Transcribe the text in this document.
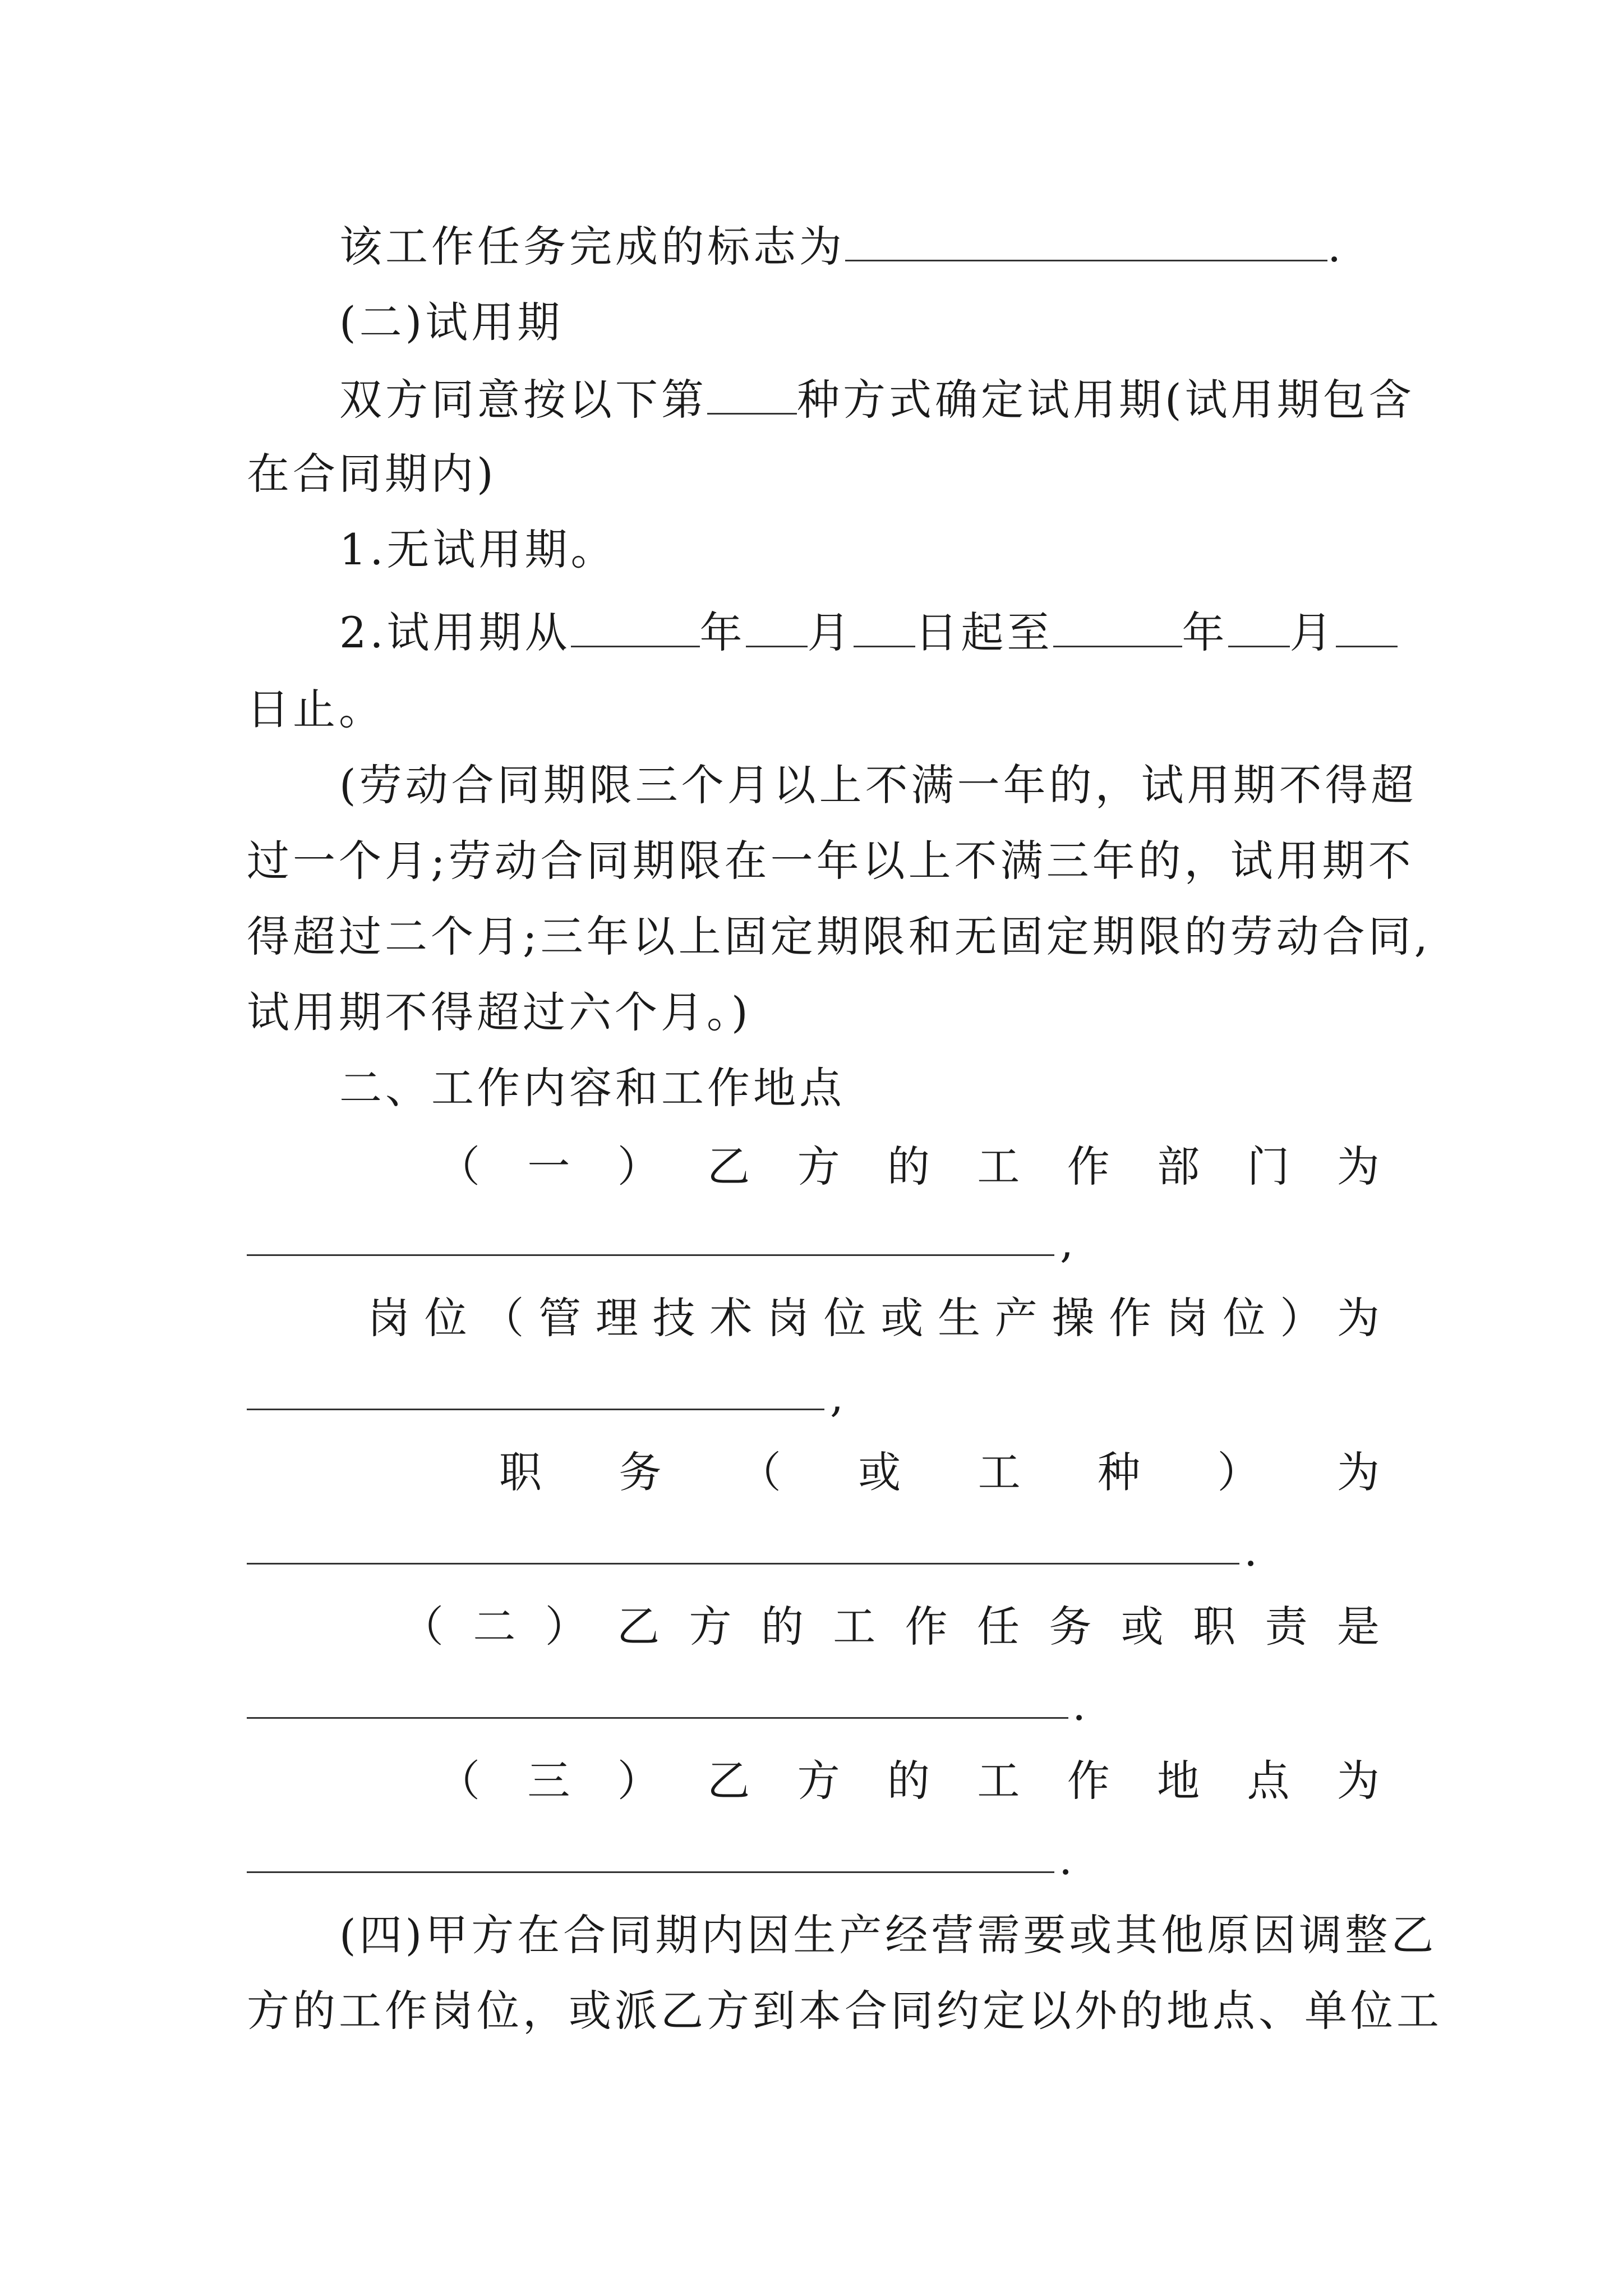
该工作任务完成的标志为	.
(二)试用期
双方同意按以下第 种方式确定试用期(试用期包含
在合同期内)
1.无试用期。
2.试用期从	年 月 日起至	年 月
日止。
(劳动合同期限三个月以上不满一年的，试用期不得超
过一个月;劳动合同期限在一年以上不满三年的，试用期不
得超过二个月;三年以上固定期限和无固定期限的劳动合同,
试用期不得超过六个月。)
二、工作内容和工作地点
（ 一 ） 乙 方 的 工 作 部 门 为
,
岗 位 （ 管 理 技 术 岗 位 或 生 产 操 作 岗 位 ） 为
,
职 务 （ 或 工 种 ） 为
.
（ 二 ） 乙 方 的 工 作 任 务 或 职 责 是
.
（ 三 ） 乙 方 的 工 作 地 点 为
.
(四)甲方在合同期内因生产经营需要或其他原因调整乙
方的工作岗位，或派乙方到本合同约定以外的地点、单位工
